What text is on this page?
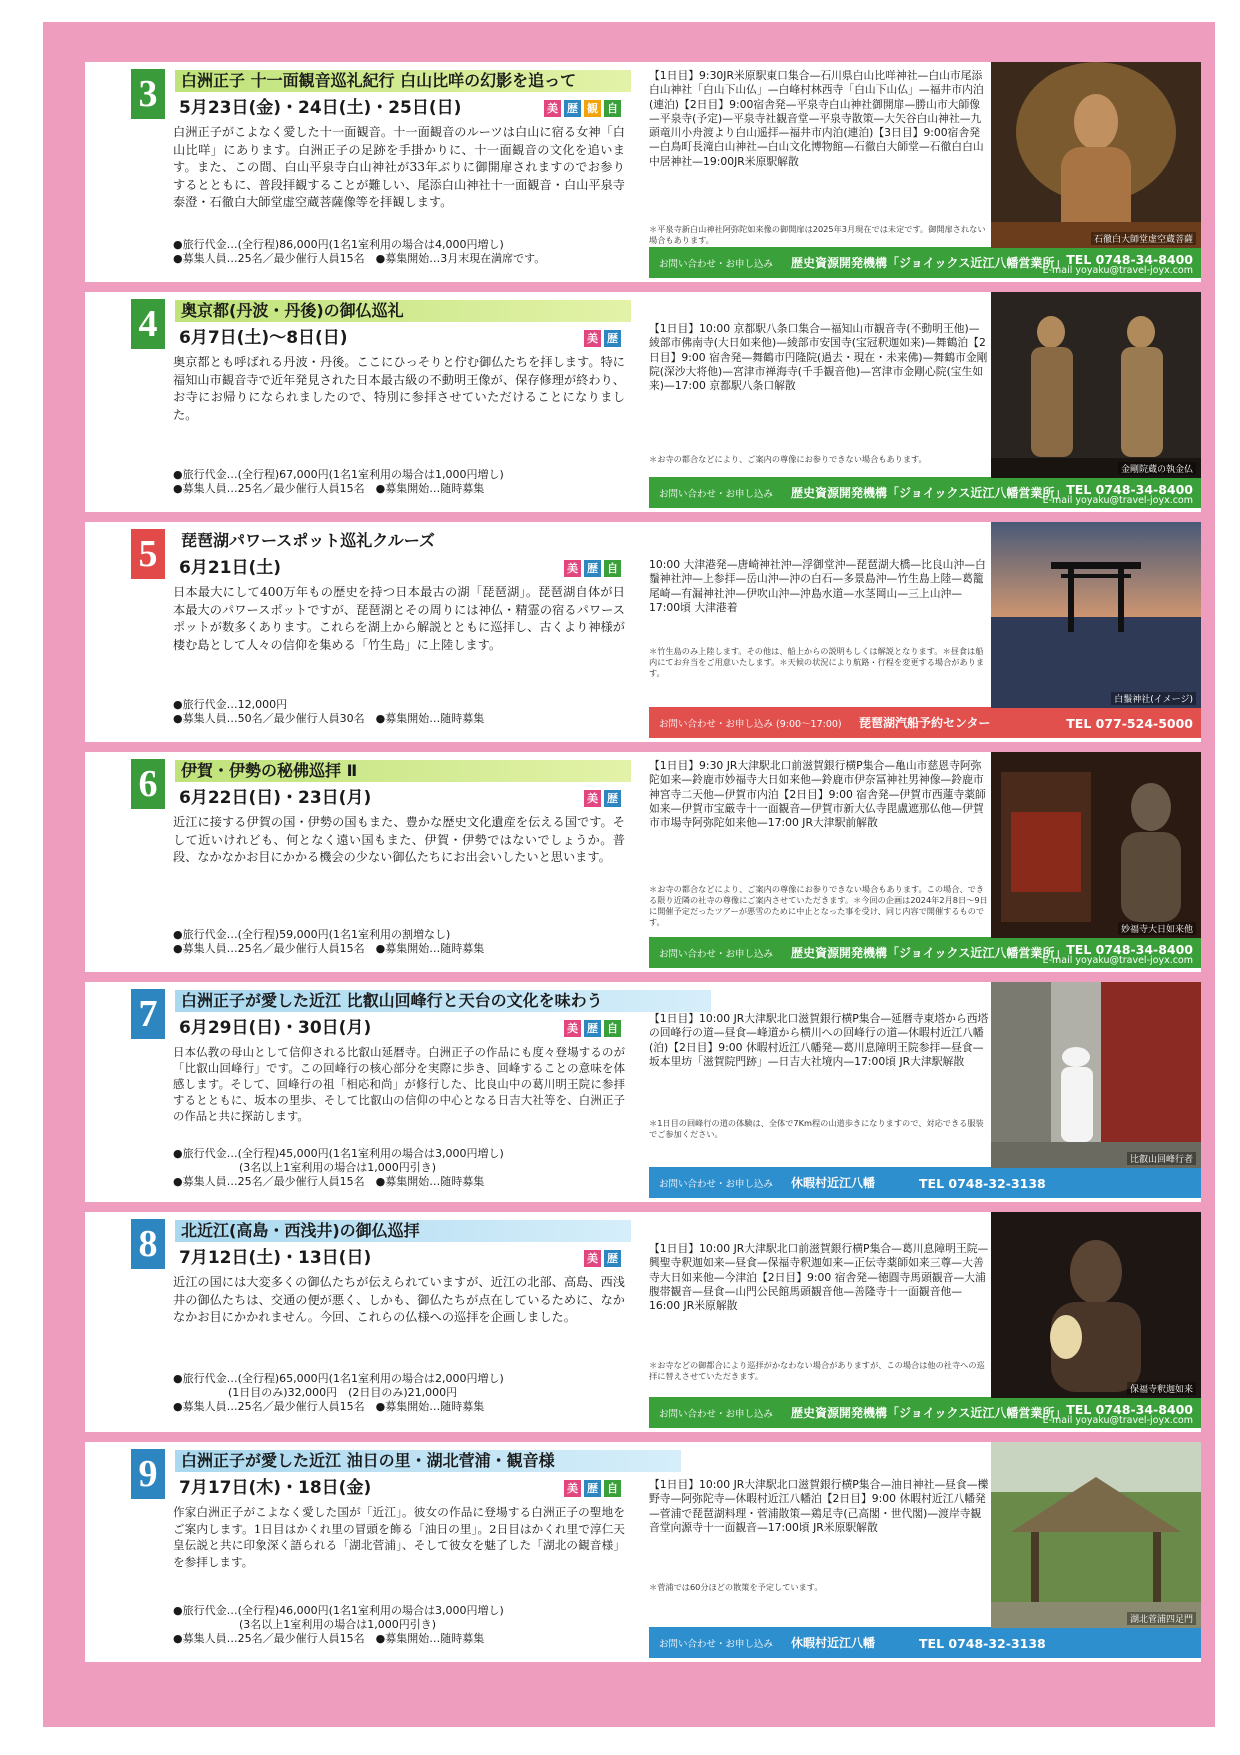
3	白洲正子 十一面観音巡礼紀行 白山比咩の幻影を追って
5月23日(金)・24日(土)・25日(日)	美 歴 観 自
白洲正子がこよなく愛した十一面観音。十一面観音のルーツは白山に宿る女神「白山比咩」にあります。白洲正子の足跡を手掛かりに、十一面観音の文化を追います。また、この間、白山平泉寺白山神社が33年ぶりに御開扉されますのでお参りするとともに、普段拝観することが難しい、尾添白山神社十一面観音・白山平泉寺泰澄・石徹白大師堂虚空蔵菩薩像等を拝観します。
●旅行代金…(全行程)86,000円(1名1室利用の場合は4,000円増し)
●募集人員…25名／最少催行人員15名　●募集開始…3月末現在満席です。
【1日目】9:30JR米原駅東口集合—石川県白山比咩神社—白山市尾添白山神社「白山下山仏」—白峰村林西寺「白山下山仏」—福井市内泊(連泊)【2日目】9:00宿舎発—平泉寺白山神社御開扉—勝山市大師像—平泉寺(予定)—平泉寺社観音堂—平泉寺散策—大矢谷白山神社—九頭竜川小舟渡より白山遥拝—福井市内泊(連泊)【3日目】9:00宿舎発—白鳥町長滝白山神社—白山文化博物館—石徹白大師堂—石徹白白山中居神社—19:00JR米原駅解散
＊平泉寺新白山神社阿弥陀如来像の御開扉は2025年3月現在では未定です。御開扉されない場合もあります。
お問い合わせ・お申し込み 歴史資源開発機構「ジョイックス近江八幡営業所」 TEL 0748-34-8400
E-mail yoyaku@travel-joyx.com
石徹白大師堂虚空蔵菩薩
4	奥京都(丹波・丹後)の御仏巡礼
6月7日(土)～8日(日)	美 歴
奥京都とも呼ばれる丹波・丹後。ここにひっそりと佇む御仏たちを拝します。特に福知山市観音寺で近年発見された日本最古級の不動明王像が、保存修理が終わり、お寺にお帰りになられましたので、特別に参拝させていただけることになりました。
●旅行代金…(全行程)67,000円(1名1室利用の場合は1,000円増し)
●募集人員…25名／最少催行人員15名　●募集開始…随時募集
【1日目】10:00 京都駅八条口集合—福知山市観音寺(不動明王他)—綾部市佛南寺(大日如来他)—綾部市安国寺(宝冠釈迦如来)—舞鶴泊【2日目】9:00 宿舎発—舞鶴市円隆院(過去・現在・未来佛)—舞鶴市金剛院(深沙大将他)—宮津市禅海寺(千手観音他)—宮津市金剛心院(宝生如来)—17:00 京都駅八条口解散
＊お寺の都合などにより、ご案内の尊像にお参りできない場合もあります。
お問い合わせ・お申し込み 歴史資源開発機構「ジョイックス近江八幡営業所」 TEL 0748-34-8400
E-mail yoyaku@travel-joyx.com
金剛院蔵の執金仏
5	琵琶湖パワースポット巡礼クルーズ
6月21日(土)	美 歴 自
日本最大にして400万年もの歴史を持つ日本最古の湖「琵琶湖」。琵琶湖自体が日本最大のパワースポットですが、琵琶湖とその周りには神仏・精霊の宿るパワースポットが数多くあります。これらを湖上から解説とともに巡拝し、古くより神様が棲む島として人々の信仰を集める「竹生島」に上陸します。
●旅行代金…12,000円
●募集人員…50名／最少催行人員30名　●募集開始…随時募集
10:00 大津港発—唐崎神社沖—浮御堂沖—琵琶湖大橋—比良山沖—白鬚神社沖—上参拝—岳山沖—沖の白石—多景島沖—竹生島上陸—葛籠尾崎—有漏神社沖—伊吹山沖—沖島水道—水茎岡山—三上山沖—17:00頃 大津港着
＊竹生島のみ上陸します。その他は、船上からの説明もしくは解説となります。＊昼食は船内にてお弁当をご用意いたします。＊天候の状況により航路・行程を変更する場合があります。
お問い合わせ・お申し込み (9:00～17:00) 琵琶湖汽船予約センター	TEL 077-524-5000
白鬚神社(イメージ)
6	伊賀・伊勢の秘佛巡拝 Ⅱ
6月22日(日)・23日(月)	美 歴
近江に接する伊賀の国・伊勢の国もまた、豊かな歴史文化遺産を伝える国です。そして近いけれども、何となく遠い国もまた、伊賀・伊勢ではないでしょうか。普段、なかなかお目にかかる機会の少ない御仏たちにお出会いしたいと思います。
●旅行代金…(全行程)59,000円(1名1室利用の割増なし)
●募集人員…25名／最少催行人員15名　●募集開始…随時募集
【1日目】9:30 JR大津駅北口前滋賀銀行横P集合—亀山市慈恩寺阿弥陀如来—鈴鹿市妙福寺大日如来他—鈴鹿市伊奈冨神社男神像—鈴鹿市神宮寺二天他—伊賀市内泊【2日目】9:00 宿舎発—伊賀市西蓮寺薬師如来—伊賀市宝厳寺十一面観音—伊賀市新大仏寺毘盧遮那仏他—伊賀市市場寺阿弥陀如来他—17:00 JR大津駅前解散
＊お寺の都合などにより、ご案内の尊像にお参りできない場合もあります。この場合、できる限り近隣の社寺の尊像にご案内させていただきます。＊今回の企画は2024年2月8日～9日に開催予定だったツアーが悪雪のために中止となった事を受け、同じ内容で開催するものです。
お問い合わせ・お申し込み 歴史資源開発機構「ジョイックス近江八幡営業所」 TEL 0748-34-8400
E-mail yoyaku@travel-joyx.com
妙福寺大日如来他
7	白洲正子が愛した近江 比叡山回峰行と天台の文化を味わう
6月29日(日)・30日(月)	美 歴 自
日本仏教の母山として信仰される比叡山延暦寺。白洲正子の作品にも度々登場するのが「比叡山回峰行」です。この回峰行の核心部分を実際に歩き、回峰することの意味を体感します。そして、回峰行の祖「相応和尚」が修行した、比良山中の葛川明王院に参拝するとともに、坂本の里歩、そして比叡山の信仰の中心となる日吉大社等を、白洲正子の作品と共に探訪します。
●旅行代金…(全行程)45,000円(1名1室利用の場合は3,000円増し)
　　　　　　(3名以上1室利用の場合は1,000円引き)
●募集人員…25名／最少催行人員15名　●募集開始…随時募集
【1日目】10:00 JR大津駅北口滋賀銀行横P集合—延暦寺東塔から西塔の回峰行の道—昼食—峰道から横川への回峰行の道—休暇村近江八幡(泊)【2日目】9:00 休暇村近江八幡発—葛川息障明王院参拝—昼食—坂本里坊「滋賀院門跡」—日吉大社境内—17:00頃 JR大津駅解散
＊1日目の回峰行の道の体験は、全体で7Km程の山道歩きになりますので、対応できる服装でご参加ください。
お問い合わせ・お申し込み 休暇村近江八幡	TEL 0748-32-3138
比叡山回峰行者
8	北近江(高島・西浅井)の御仏巡拝
7月12日(土)・13日(日)	美 歴
近江の国には大変多くの御仏たちが伝えられていますが、近江の北部、高島、西浅井の御仏たちは、交通の便が悪く、しかも、御仏たちが点在しているために、なかなかお目にかかれません。今回、これらの仏様への巡拝を企画しました。
●旅行代金…(全行程)65,000円(1名1室利用の場合は2,000円増し)
　　　　　(1日目のみ)32,000円　(2日目のみ)21,000円
●募集人員…25名／最少催行人員15名　●募集開始…随時募集
【1日目】10:00 JR大津駅北口前滋賀銀行横P集合—葛川息障明王院—興聖寺釈迦如来—昼食—保福寺釈迦如来—正伝寺薬師如来三尊—大善寺大日如来他—今津泊【2日目】9:00 宿舎発—徳圓寺馬頭観音—大浦腹帯観音—昼食—山門公民館馬頭観音他—善隆寺十一面観音他—16:00 JR米原解散
＊お寺などの御都合により巡拝がかなわない場合がありますが、この場合は他の社寺への巡拝に替えさせていただきます。
お問い合わせ・お申し込み 歴史資源開発機構「ジョイックス近江八幡営業所」 TEL 0748-34-8400
E-mail yoyaku@travel-joyx.com
保福寺釈迦如来
9	白洲正子が愛した近江 油日の里・湖北菅浦・観音様
7月17日(木)・18日(金)	美 歴 自
作家白洲正子がこよなく愛した国が「近江」。彼女の作品に登場する白洲正子の聖地をご案内します。1日目はかくれ里の冒頭を飾る「油日の里」。2日目はかくれ里で淳仁天皇伝説と共に印象深く語られる「湖北菅浦」、そして彼女を魅了した「湖北の観音様」を参拝します。
●旅行代金…(全行程)46,000円(1名1室利用の場合は3,000円増し)
　　　　　　(3名以上1室利用の場合は1,000円引き)
●募集人員…25名／最少催行人員15名　●募集開始…随時募集
【1日目】10:00 JR大津駅北口滋賀銀行横P集合—油日神社—昼食—櫟野寺—阿弥陀寺—休暇村近江八幡泊【2日目】9:00 休暇村近江八幡発—菅浦で琵琶湖料理・菅浦散策—鶏足寺(己高閣・世代閣)—渡岸寺観音堂向源寺十一面観音—17:00頃 JR米原駅解散
＊菅浦では60分ほどの散策を予定しています。
お問い合わせ・お申し込み 休暇村近江八幡	TEL 0748-32-3138
湖北菅浦四足門
